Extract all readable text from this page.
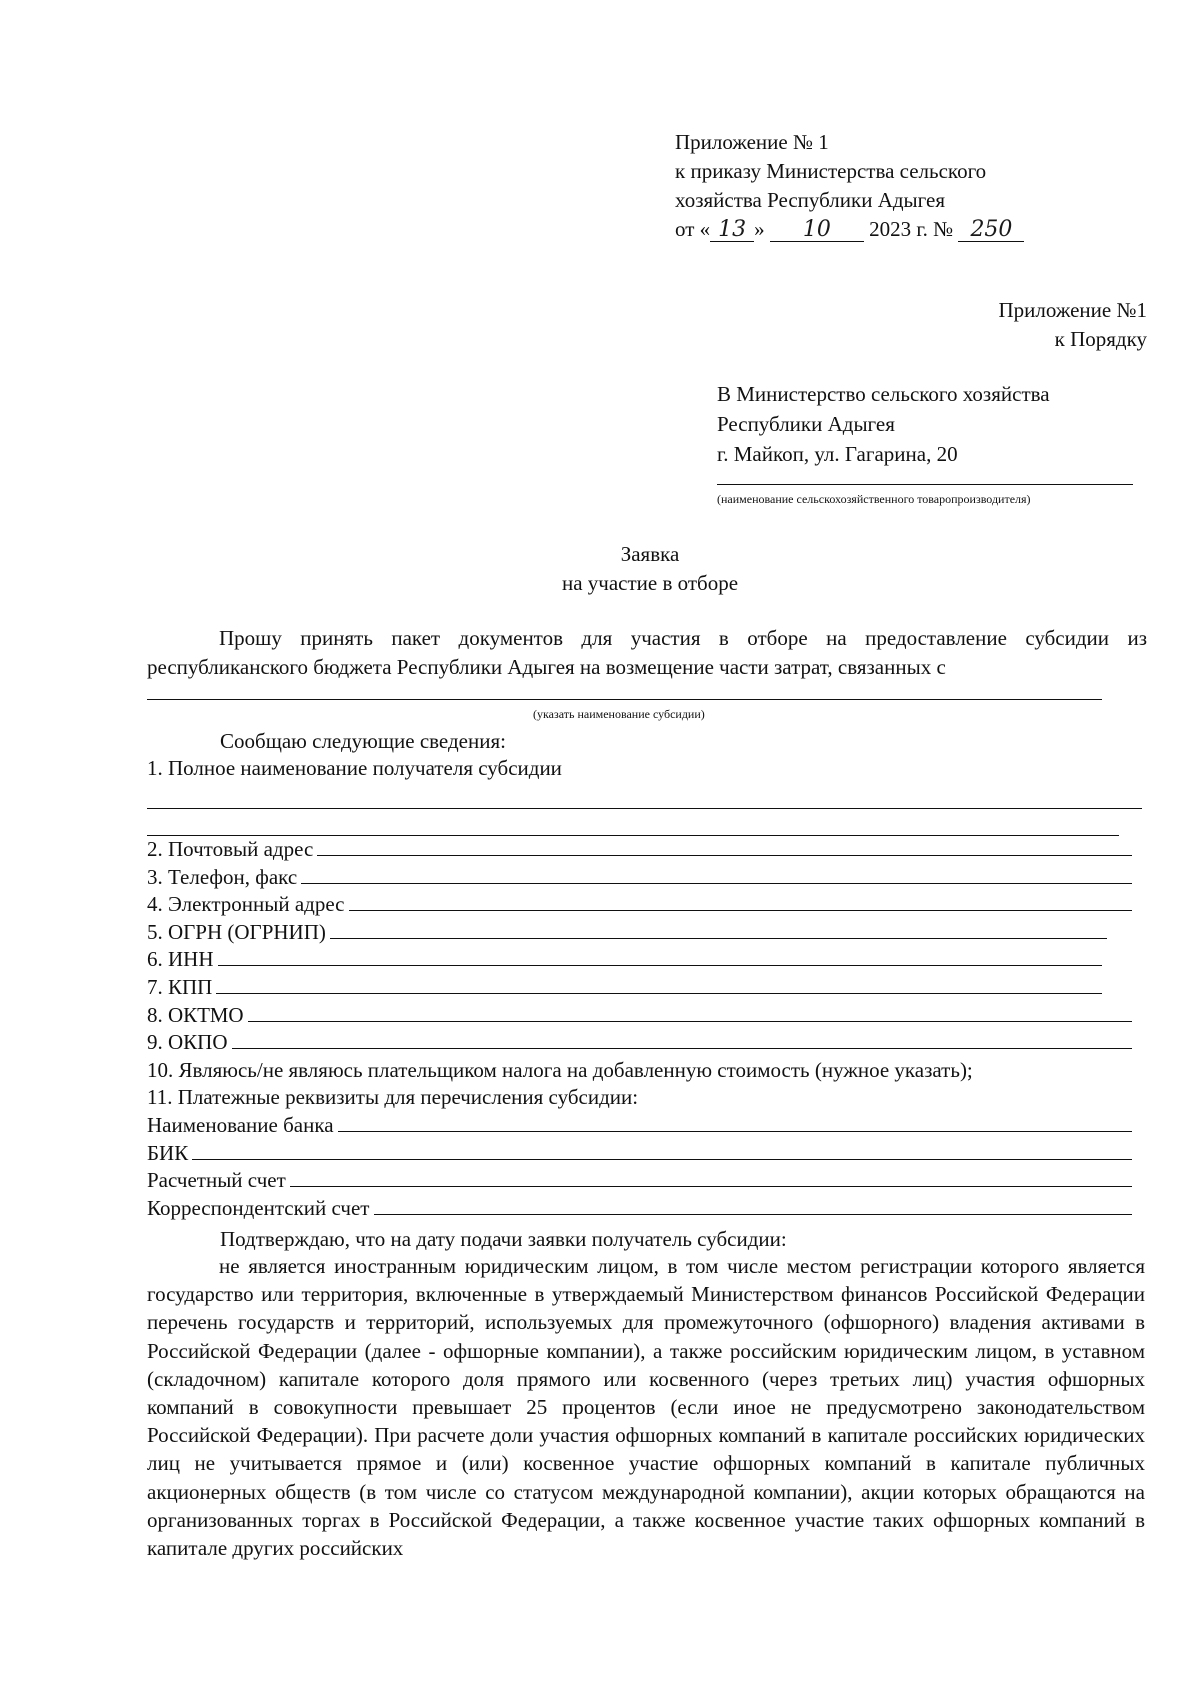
Приложение № 1
к приказу Министерства сельского
хозяйства Республики Адыгея
от « 13 » 10 2023 г. № 250
Приложение №1
к Порядку
В Министерство сельского хозяйства
Республики Адыгея
г. Майкоп, ул. Гагарина, 20
(наименование сельскохозяйственного товаропроизводителя)
Заявка
на участие в отборе
Прошу принять пакет документов для участия в отборе на предоставление субсидии из республиканского бюджета Республики Адыгея на возмещение части затрат, связанных с
(указать наименование субсидии)
Сообщаю следующие сведения:
1. Полное наименование получателя субсидии
2. Почтовый адрес
3. Телефон, факс
4. Электронный адрес
5. ОГРН (ОГРНИП)
6. ИНН
7. КПП
8. ОКТМО
9. ОКПО
10. Являюсь/не являюсь плательщиком налога на добавленную стоимость (нужное указать);
11. Платежные реквизиты для перечисления субсидии:
Наименование банка
БИК
Расчетный счет
Корреспондентский счет
Подтверждаю, что на дату подачи заявки получатель субсидии:
не является иностранным юридическим лицом, в том числе местом регистрации которого является государство или территория, включенные в утверждаемый Министерством финансов Российской Федерации перечень государств и территорий, используемых для промежуточного (офшорного) владения активами в Российской Федерации (далее - офшорные компании), а также российским юридическим лицом, в уставном (складочном) капитале которого доля прямого или косвенного (через третьих лиц) участия офшорных компаний в совокупности превышает 25 процентов (если иное не предусмотрено законодательством Российской Федерации). При расчете доли участия офшорных компаний в капитале российских юридических лиц не учитывается прямое и (или) косвенное участие офшорных компаний в капитале публичных акционерных обществ (в том числе со статусом международной компании), акции которых обращаются на организованных торгах в Российской Федерации, а также косвенное участие таких офшорных компаний в капитале других российских
